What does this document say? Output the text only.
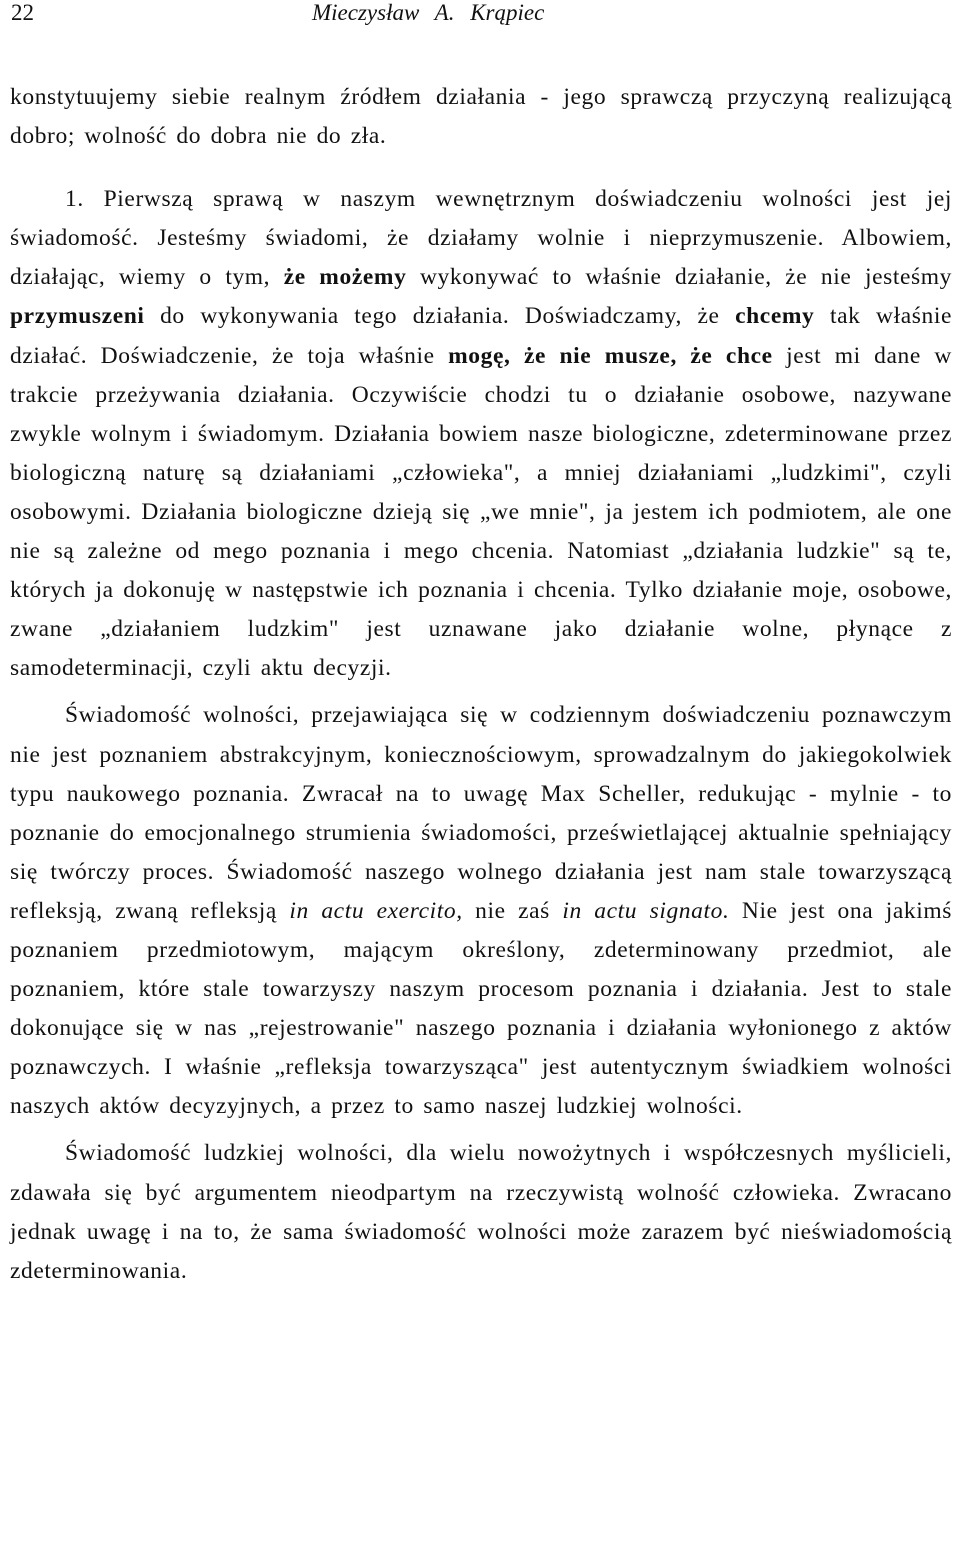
22	Mieczysław A. Krąpiec

konstytuujemy siebie realnym źródłem działania - jego sprawczą przyczyną realizującą dobro; wolność do dobra nie do zła.

1. Pierwszą sprawą w naszym wewnętrznym doświadczeniu wolności jest jej świadomość. Jesteśmy świadomi, że działamy wolnie i nieprzymuszenie. Albowiem, działając, wiemy o tym, że możemy wykonywać to właśnie działanie, że nie jesteśmy przymuszeni do wykonywania tego działania. Doświadczamy, że chcemy tak właśnie działać. Doświadczenie, że toja właśnie mogę, że nie musze, że chce jest mi dane w trakcie przeżywania działania. Oczywiście chodzi tu o działanie osobowe, nazywane zwykle wolnym i świadomym. Działania bowiem nasze biologiczne, zdeterminowane przez biologiczną naturę są działaniami „człowieka", a mniej działaniami „ludzkimi", czyli osobowymi. Działania biologiczne dzieją się „we mnie", ja jestem ich podmiotem, ale one nie są zależne od mego poznania i mego chcenia. Natomiast „działania ludzkie" są te, których ja dokonuję w następstwie ich poznania i chcenia. Tylko działanie moje, osobowe, zwane „działaniem ludzkim" jest uznawane jako działanie wolne, płynące z samodeterminacji, czyli aktu decyzji.

Świadomość wolności, przejawiająca się w codziennym doświadczeniu poznawczym nie jest poznaniem abstrakcyjnym, koniecznościowym, sprowadzalnym do jakiegokolwiek typu naukowego poznania. Zwracał na to uwagę Max Scheller, redukując - mylnie - to poznanie do emocjonalnego strumienia świadomości, prześwietlającej aktualnie spełniający się twórczy proces. Świadomość naszego wolnego działania jest nam stale towarzyszącą refleksją, zwaną refleksją in actu exercito, nie zaś in actu signato. Nie jest ona jakimś poznaniem przedmiotowym, mającym określony, zdeterminowany przedmiot, ale poznaniem, które stale towarzyszy naszym procesom poznania i działania. Jest to stale dokonujące się w nas „rejestrowanie" naszego poznania i działania wyłonionego z aktów poznawczych. I właśnie „refleksja towarzysząca" jest autentycznym świadkiem wolności naszych aktów decyzyjnych, a przez to samo naszej ludzkiej wolności.

Świadomość ludzkiej wolności, dla wielu nowożytnych i współczesnych myślicieli, zdawała się być argumentem nieodpartym na rzeczywistą wolność człowieka. Zwracano jednak uwagę i na to, że sama świadomość wolności może zarazem być nieświadomością zdeterminowania.
